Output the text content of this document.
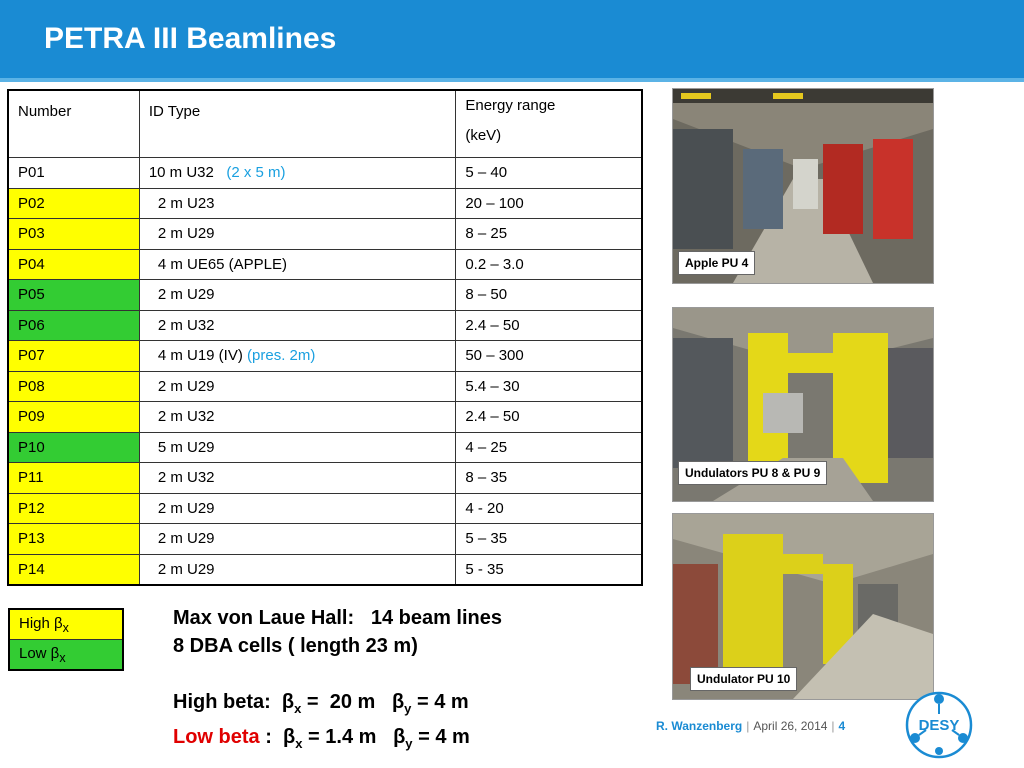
PETRA III Beamlines
Number	ID Type	Energy range
(keV)

P01	10 m U32 (2 x 5 m)	5 – 40
P02	2 m U23	20 – 100
P03	2 m U29	8 – 25
P04	4 m UE65 (APPLE)	0.2 – 3.0
P05	2 m U29	8 – 50
P06	2 m U32	2.4 – 50
P07	4 m U19 (IV) (pres. 2m)	50 – 300
P08	2 m U29	5.4 – 30
P09	2 m U32	2.4 – 50
P10	5 m U29	4 – 25
P11	2 m U32	8 – 35
P12	2 m U29	4 - 20
P13	2 m U29	5 – 35
P14	2 m U29	5 - 35
High $\beta_x$
Low $\beta_x$
Max von Laue Hall:   14 beam lines
8 DBA cells ( length 23 m)

High beta:  $\beta_x = 20$ m   $\beta_y = 4$ m
Low beta :  $\beta_x = 1.4$ m   $\beta_y = 4$ m
Apple PU 4
Undulators PU 8 & PU 9
Undulator PU 10
R. Wanzenberg | April 26, 2014 | 4	DESY
